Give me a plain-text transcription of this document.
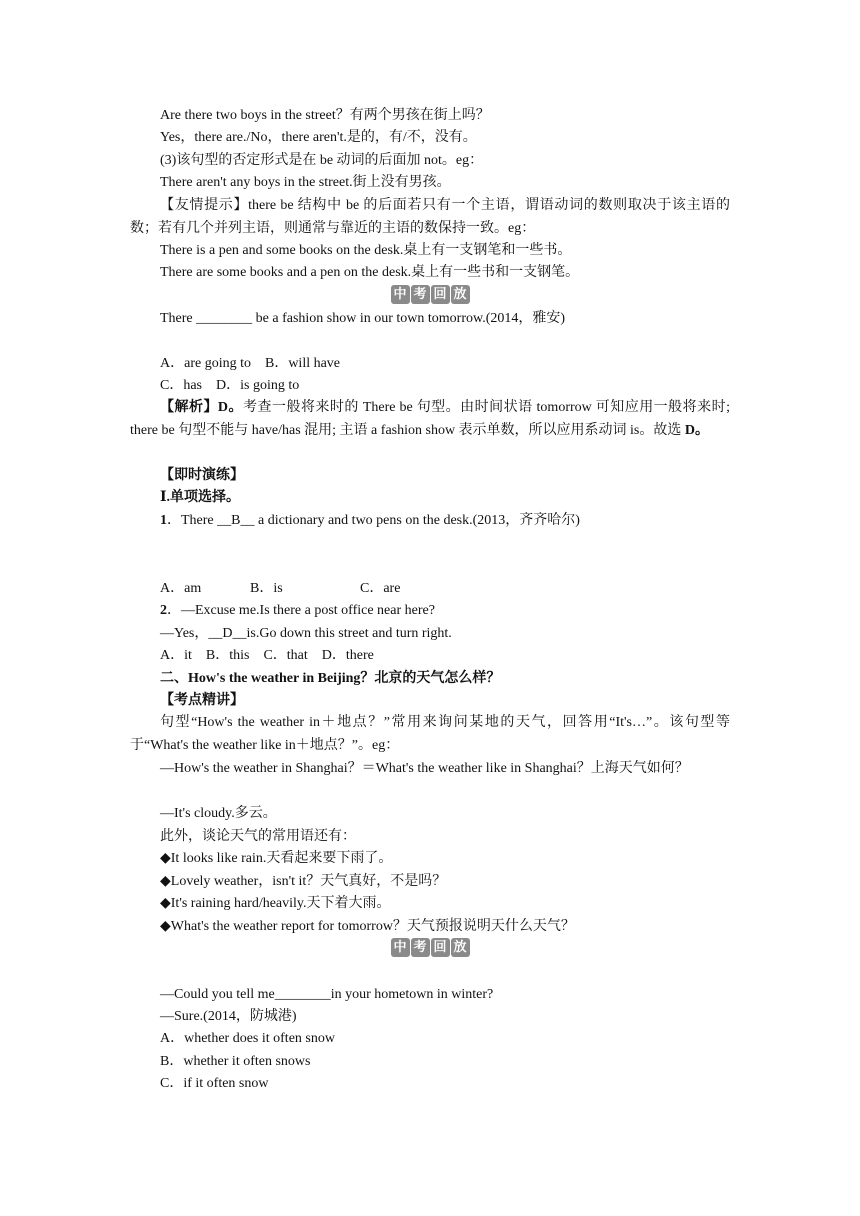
Are there two boys in the street？有两个男孩在街上吗？
Yes，there are./No，there aren't.是的，有/不，没有。
(3)该句型的否定形式是在 be 动词的后面加 not。eg：
There aren't any boys in the street.街上没有男孩。
【友情提示】there be 结构中 be 的后面若只有一个主语，谓语动词的数则取决于该主语的数；若有几个并列主语，则通常与靠近的主语的数保持一致。eg：
There is a pen and some books on the desk.桌上有一支钢笔和一些书。
There are some books and a pen on the desk.桌上有一些书和一支钢笔。
中 考 回 放
There ________ be a fashion show in our town tomorrow.(2014，雅安)
A．are going to　B．will have
C．has　D．is going to
【解析】D。考查一般将来时的 There be 句型。由时间状语 tomorrow 可知应用一般将来时; there be 句型不能与 have/has 混用; 主语 a fashion show 表示单数，所以应用系动词 is。故选 D。
【即时演练】
Ⅰ.单项选择。
1．There __B__ a dictionary and two pens on the desk.(2013，齐齐哈尔)
A．am	B．is	C．are
2．—Excuse me.Is there a post office near here?
—Yes，__D__is.Go down this street and turn right.
A．it　B．this　C．that　D．there
二、How's the weather in Beijing？北京的天气怎么样？
【考点精讲】
句型“How's the weather in＋地点？”常用来询问某地的天气，回答用“It's…”。该句型等于“What's the weather like in＋地点？”。eg：
—How's the weather in Shanghai？＝What's the weather like in Shanghai？上海天气如何？
—It's cloudy.多云。
此外，谈论天气的常用语还有：
◆It looks like rain.天看起来要下雨了。
◆Lovely weather，isn't it？天气真好，不是吗？
◆It's raining hard/heavily.天下着大雨。
◆What's the weather report for tomorrow？天气预报说明天什么天气？
中 考 回 放
—Could you tell me________in your hometown in winter?
—Sure.(2014，防城港)
A．whether does it often snow
B．whether it often snows
C．if it often snow
